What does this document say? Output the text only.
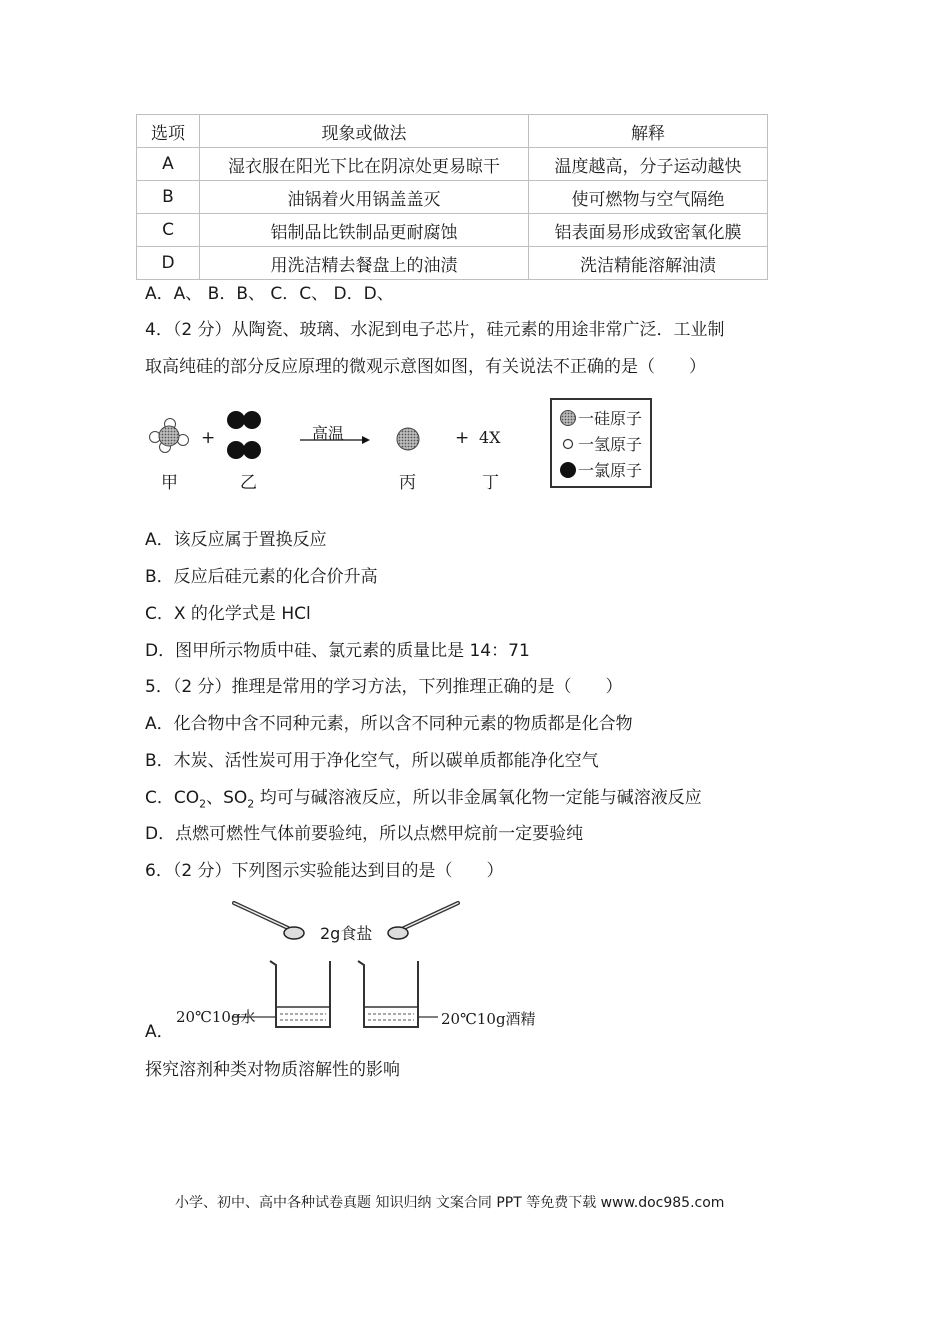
选项	现象或做法	解释
A	湿衣服在阳光下比在阴凉处更易晾干	温度越高，分子运动越快
B	油锅着火用锅盖盖灭	使可燃物与空气隔绝
C	铝制品比铁制品更耐腐蚀	铝表面易形成致密氧化膜
D	用洗洁精去餐盘上的油渍	洗洁精能溶解油渍
A．A、 B．B、 C．C、 D．D、
4．（2 分）从陶瓷、玻璃、水泥到电子芯片，硅元素的用途非常广泛．工业制
取高纯硅的部分反应原理的微观示意图如图，有关说法不正确的是（　　）
+	高温	+ 4X
甲	乙	丙	丁
一硅原子
一氢原子
一氯原子
A．该反应属于置换反应
B．反应后硅元素的化合价升高
C．X 的化学式是 HCl
D．图甲所示物质中硅、氯元素的质量比是 14：71
5．（2 分）推理是常用的学习方法，下列推理正确的是（　　）
A．化合物中含不同种元素，所以含不同种元素的物质都是化合物
B．木炭、活性炭可用于净化空气，所以碳单质都能净化空气
C．$CO_2$、$SO_2$ 均可与碱溶液反应，所以非金属氧化物一定能与碱溶液反应
D．点燃可燃性气体前要验纯，所以点燃甲烷前一定要验纯
6．（2 分）下列图示实验能达到目的是（　　）
2g食盐
20℃10g水	20℃10g酒精
A．
探究溶剂种类对物质溶解性的影响
小学、初中、高中各种试卷真题 知识归纳 文案合同 PPT 等免费下载 www.doc985.com
